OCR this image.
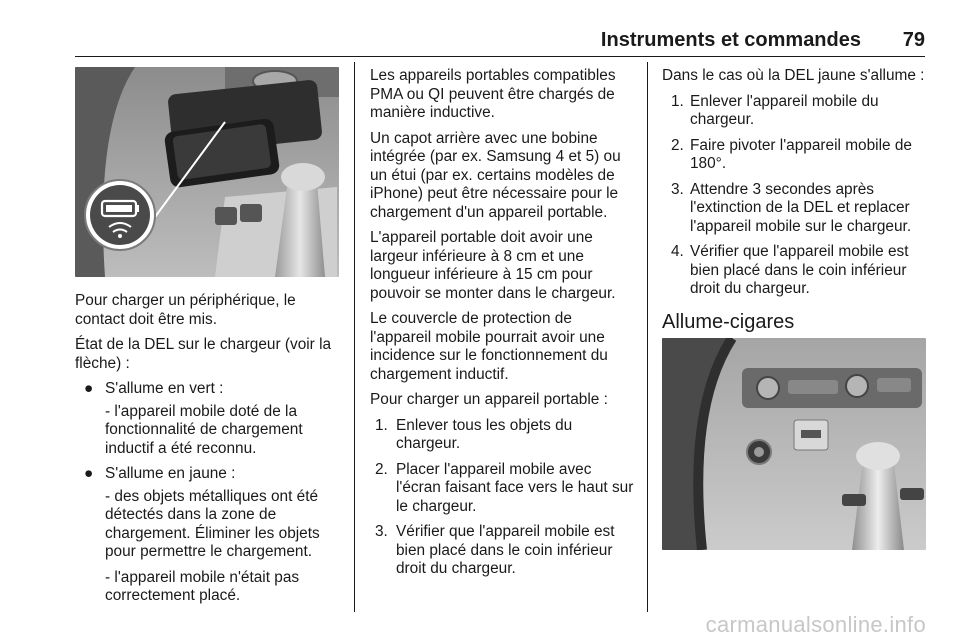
Instruments et commandes 79

Pour charger un périphérique, le contact doit être mis.

État de la DEL sur le chargeur (voir la flèche) :

● S'allume en vert :

- l'appareil mobile doté de la fonctionnalité de chargement inductif a été reconnu.

● S'allume en jaune :

- des objets métalliques ont été détectés dans la zone de chargement. Éliminer les objets pour permettre le chargement.

- l'appareil mobile n'était pas correctement placé.

Les appareils portables compatibles PMA ou QI peuvent être chargés de manière inductive.

Un capot arrière avec une bobine intégrée (par ex. Samsung 4 et 5) ou un étui (par ex. certains modèles de iPhone) peut être nécessaire pour le chargement d'un appareil portable.

L'appareil portable doit avoir une largeur inférieure à 8 cm et une longueur inférieure à 15 cm pour pouvoir se monter dans le chargeur.

Le couvercle de protection de l'appareil mobile pourrait avoir une incidence sur le fonctionnement du chargement inductif.

Pour charger un appareil portable :

1. Enlever tous les objets du chargeur.
2. Placer l'appareil mobile avec l'écran faisant face vers le haut sur le chargeur.
3. Vérifier que l'appareil mobile est bien placé dans le coin inférieur droit du chargeur.

Dans le cas où la DEL jaune s'allume :

1. Enlever l'appareil mobile du chargeur.
2. Faire pivoter l'appareil mobile de 180°.
3. Attendre 3 secondes après l'extinction de la DEL et replacer l'appareil mobile sur le chargeur.
4. Vérifier que l'appareil mobile est bien placé dans le coin inférieur droit du chargeur.
Allume-cigares
carmanualsonline.info
